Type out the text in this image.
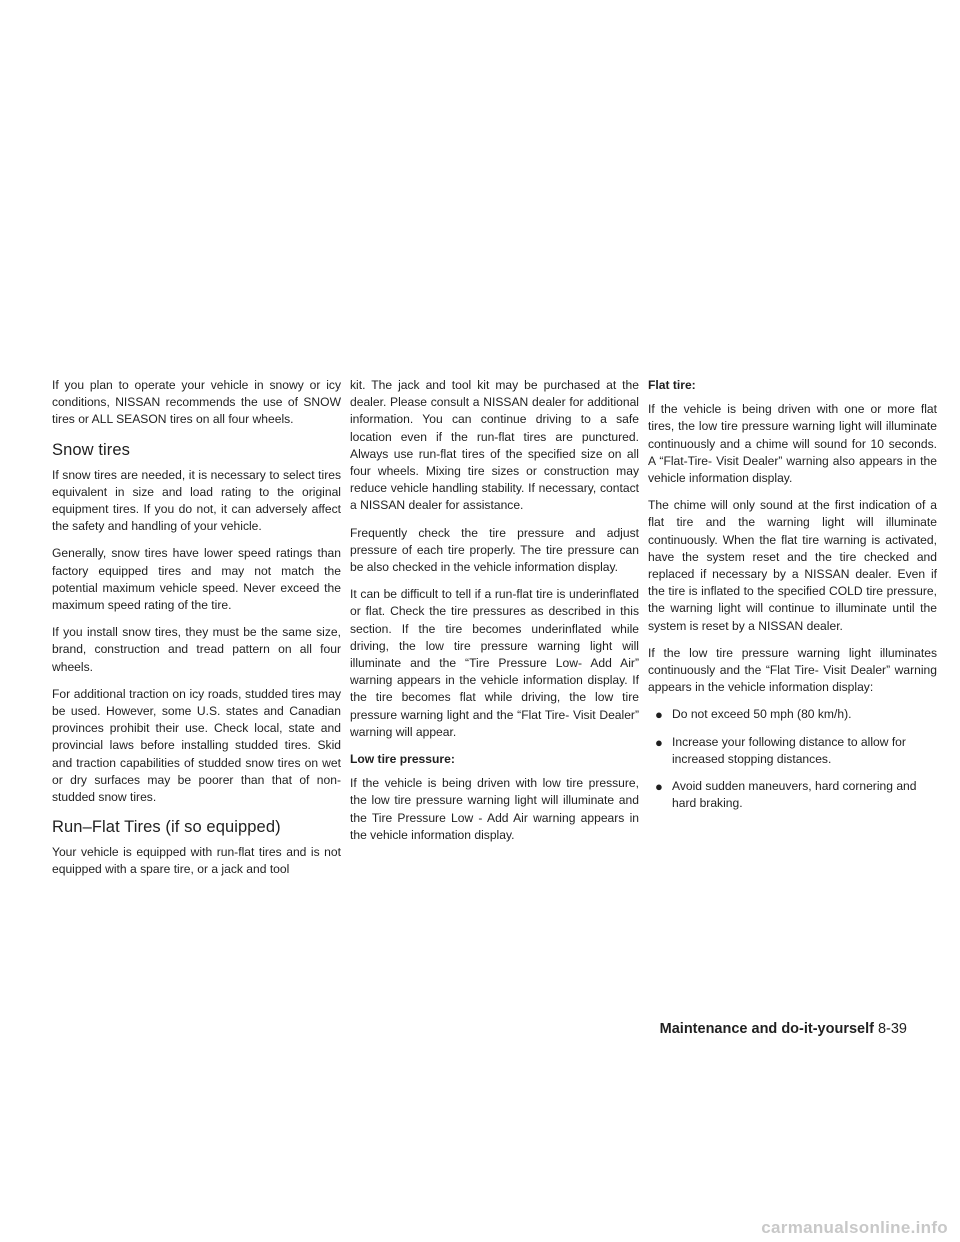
If you plan to operate your vehicle in snowy or icy conditions, NISSAN recommends the use of SNOW tires or ALL SEASON tires on all four wheels.

Snow tires

If snow tires are needed, it is necessary to select tires equivalent in size and load rating to the original equipment tires. If you do not, it can adversely affect the safety and handling of your vehicle.

Generally, snow tires have lower speed ratings than factory equipped tires and may not match the potential maximum vehicle speed. Never exceed the maximum speed rating of the tire.

If you install snow tires, they must be the same size, brand, construction and tread pattern on all four wheels.

For additional traction on icy roads, studded tires may be used. However, some U.S. states and Canadian provinces prohibit their use. Check local, state and provincial laws before installing studded tires. Skid and traction capabilities of studded snow tires on wet or dry surfaces may be poorer than that of non-studded snow tires.

Run–Flat Tires (if so equipped)

Your vehicle is equipped with run-flat tires and is not equipped with a spare tire, or a jack and tool

kit. The jack and tool kit may be purchased at the dealer. Please consult a NISSAN dealer for additional information. You can continue driving to a safe location even if the run-flat tires are punctured. Always use run-flat tires of the specified size on all four wheels. Mixing tire sizes or construction may reduce vehicle handling stability. If necessary, contact a NISSAN dealer for assistance.

Frequently check the tire pressure and adjust pressure of each tire properly. The tire pressure can be also checked in the vehicle information display.

It can be difficult to tell if a run-flat tire is underinflated or flat. Check the tire pressures as described in this section. If the tire becomes underinflated while driving, the low tire pressure warning light will illuminate and the “Tire Pressure Low- Add Air” warning appears in the vehicle information display. If the tire becomes flat while driving, the low tire pressure warning light and the “Flat Tire- Visit Dealer” warning will appear.

Low tire pressure:

If the vehicle is being driven with low tire pressure, the low tire pressure warning light will illuminate and the Tire Pressure Low - Add Air warning appears in the vehicle information display.

Flat tire:

If the vehicle is being driven with one or more flat tires, the low tire pressure warning light will illuminate continuously and a chime will sound for 10 seconds. A “Flat-Tire- Visit Dealer” warning also appears in the vehicle information display.

The chime will only sound at the first indication of a flat tire and the warning light will illuminate continuously. When the flat tire warning is activated, have the system reset and the tire checked and replaced if necessary by a NISSAN dealer. Even if the tire is inflated to the specified COLD tire pressure, the warning light will continue to illuminate until the system is reset by a NISSAN dealer.

If the low tire pressure warning light illuminates continuously and the “Flat Tire- Visit Dealer” warning appears in the vehicle information display:

● Do not exceed 50 mph (80 km/h).
● Increase your following distance to allow for increased stopping distances.
● Avoid sudden maneuvers, hard cornering and hard braking.
Maintenance and do-it-yourself 8-39
carmanualsonline.info
